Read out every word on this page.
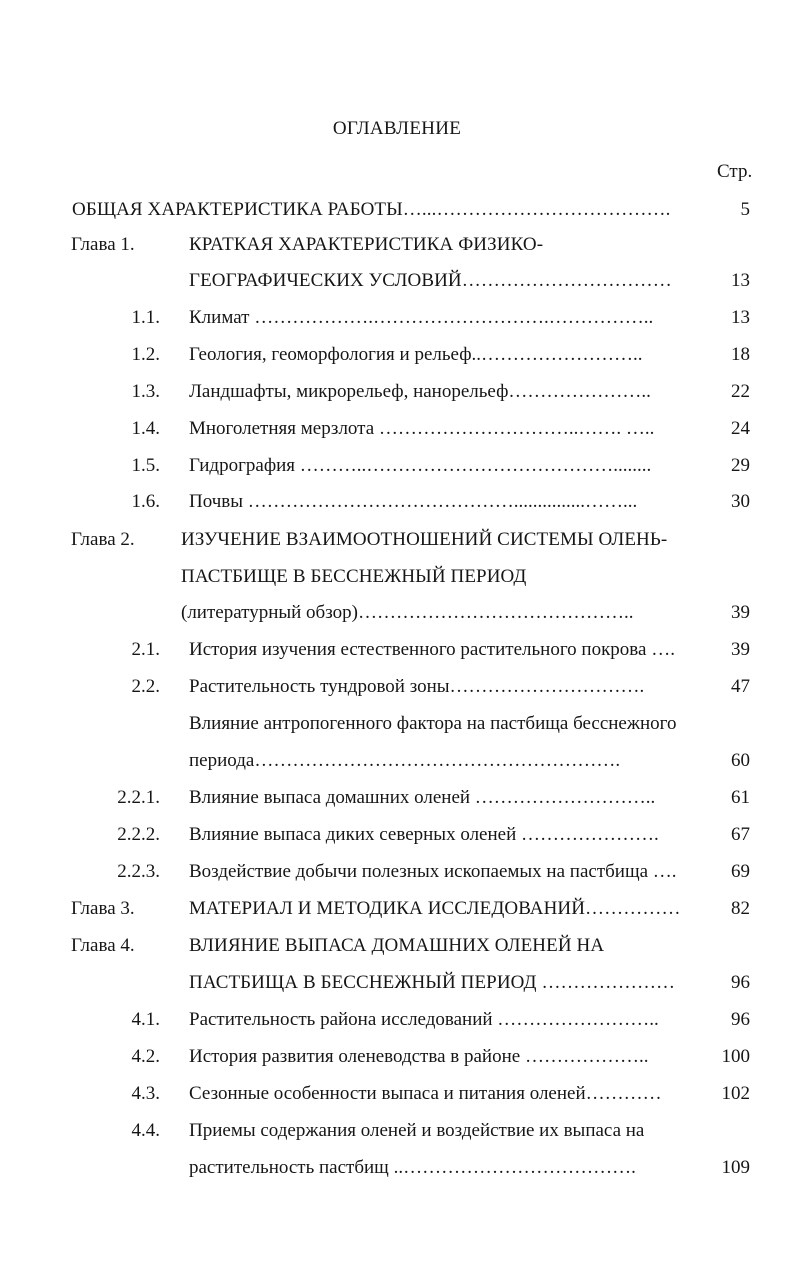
ОГЛАВЛЕНИЕ
Стр.
ОБЩАЯ ХАРАКТЕРИСТИКА РАБОТЫ…...……………………………….	5
Глава 1.	КРАТКАЯ ХАРАКТЕРИСТИКА ФИЗИКО-
ГЕОГРАФИЧЕСКИХ УСЛОВИЙ……………………………	13
1.1. Климат ……………….……………………….……………..	13
1.2. Геология, геоморфология и рельеф..……………………..	18
1.3. Ландшафты, микрорельеф, нанорельеф…………………..	22
1.4. Многолетняя мерзлота …………………………..……. …..	24
1.5. Гидрография ………..…………………………………........	29
1.6. Почвы ……………………………………...............……...	30
Глава 2. ИЗУЧЕНИЕ ВЗАИМООТНОШЕНИЙ СИСТЕМЫ ОЛЕНЬ-
ПАСТБИЩЕ В БЕССНЕЖНЫЙ ПЕРИОД
(литературный обзор)……………………………………..	39
2.1. История изучения естественного растительного покрова ….	39
2.2. Растительность тундровой зоны………………………….	47
Влияние антропогенного фактора на пастбища бесснежного
периода………………………………………………….	60
2.2.1. Влияние выпаса домашних оленей ………………………..	61
2.2.2. Влияние выпаса диких северных оленей ………………….	67
2.2.3. Воздействие добычи полезных ископаемых на пастбища ….	69
Глава 3.	МАТЕРИАЛ И МЕТОДИКА ИССЛЕДОВАНИЙ……………	82
Глава 4.	ВЛИЯНИЕ ВЫПАСА ДОМАШНИХ ОЛЕНЕЙ НА
ПАСТБИЩА В БЕССНЕЖНЫЙ ПЕРИОД …………………	96
4.1. Растительность района исследований ……………………..	96
4.2. История развития оленеводства в районе ………………..	100
4.3. Сезонные особенности выпаса и питания оленей…………	102
4.4. Приемы содержания оленей и воздействие их выпаса на
растительность пастбищ ..……………………………….	109
